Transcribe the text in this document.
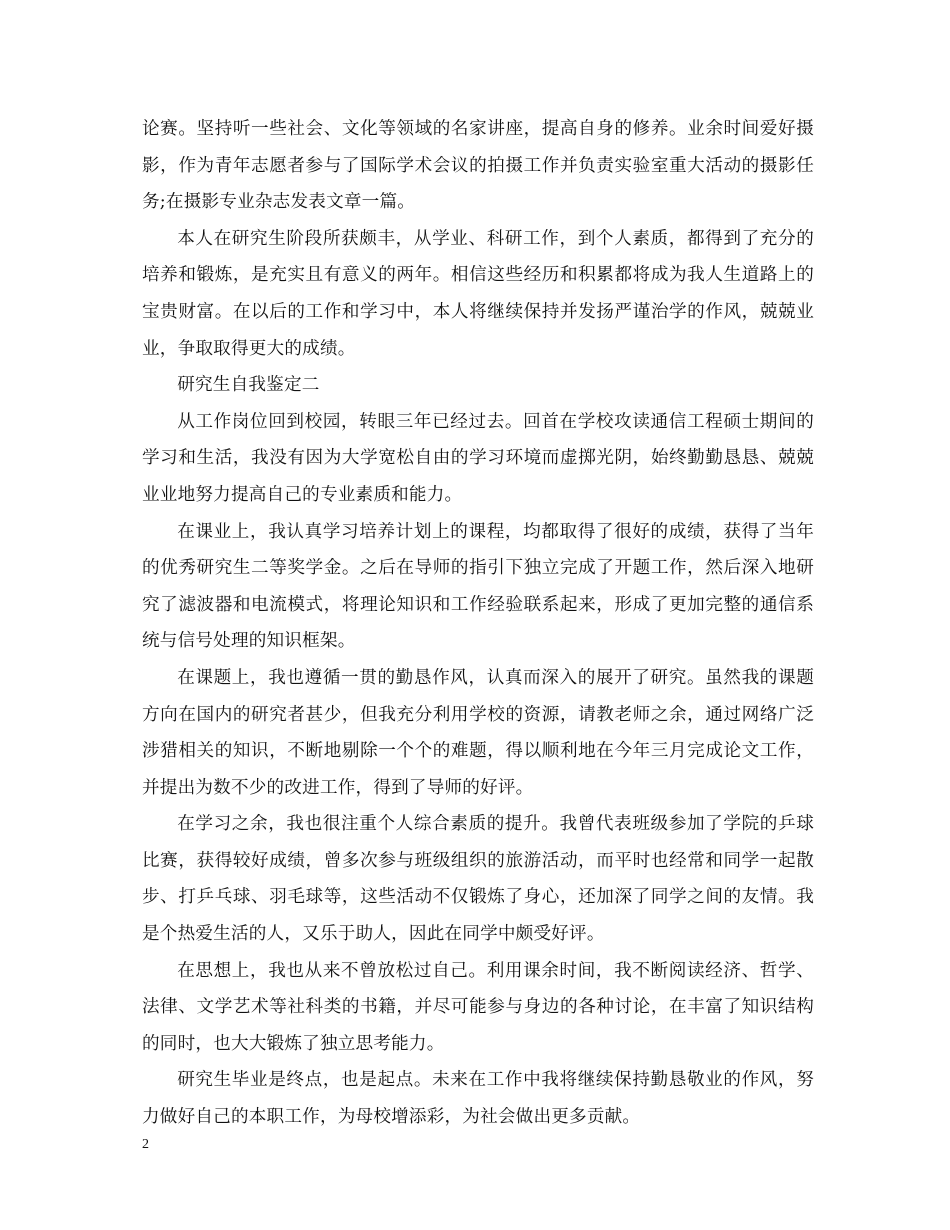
论赛。坚持听一些社会、文化等领域的名家讲座，提高自身的修养。业余时间爱好摄影，作为青年志愿者参与了国际学术会议的拍摄工作并负责实验室重大活动的摄影任务;在摄影专业杂志发表文章一篇。

本人在研究生阶段所获颇丰，从学业、科研工作，到个人素质，都得到了充分的培养和锻炼，是充实且有意义的两年。相信这些经历和积累都将成为我人生道路上的宝贵财富。在以后的工作和学习中，本人将继续保持并发扬严谨治学的作风，兢兢业业，争取取得更大的成绩。

研究生自我鉴定二

从工作岗位回到校园，转眼三年已经过去。回首在学校攻读通信工程硕士期间的学习和生活，我没有因为大学宽松自由的学习环境而虚掷光阴，始终勤勤恳恳、兢兢业业地努力提高自己的专业素质和能力。

在课业上，我认真学习培养计划上的课程，均都取得了很好的成绩，获得了当年的优秀研究生二等奖学金。之后在导师的指引下独立完成了开题工作，然后深入地研究了滤波器和电流模式，将理论知识和工作经验联系起来，形成了更加完整的通信系统与信号处理的知识框架。

在课题上，我也遵循一贯的勤恳作风，认真而深入的展开了研究。虽然我的课题方向在国内的研究者甚少，但我充分利用学校的资源，请教老师之余，通过网络广泛涉猎相关的知识，不断地剔除一个个的难题，得以顺利地在今年三月完成论文工作，并提出为数不少的改进工作，得到了导师的好评。

在学习之余，我也很注重个人综合素质的提升。我曾代表班级参加了学院的乒球比赛，获得较好成绩，曾多次参与班级组织的旅游活动，而平时也经常和同学一起散步、打乒乓球、羽毛球等，这些活动不仅锻炼了身心，还加深了同学之间的友情。我是个热爱生活的人，又乐于助人，因此在同学中颇受好评。

在思想上，我也从来不曾放松过自己。利用课余时间，我不断阅读经济、哲学、法律、文学艺术等社科类的书籍，并尽可能参与身边的各种讨论，在丰富了知识结构的同时，也大大锻炼了独立思考能力。

研究生毕业是终点，也是起点。未来在工作中我将继续保持勤恳敬业的作风，努力做好自己的本职工作，为母校增添彩，为社会做出更多贡献。

2
